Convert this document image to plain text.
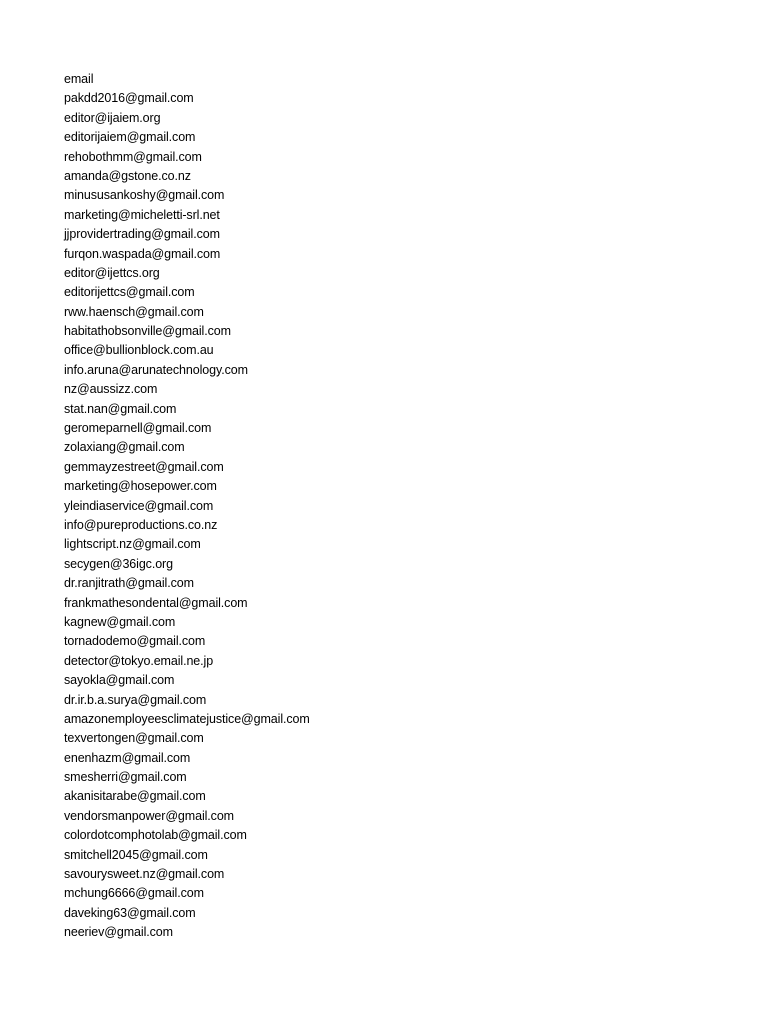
email
pakdd2016@gmail.com
editor@ijaiem.org
editorijaiem@gmail.com
rehobothmm@gmail.com
amanda@gstone.co.nz
minususankoshy@gmail.com
marketing@micheletti-srl.net
jjprovidertrading@gmail.com
furqon.waspada@gmail.com
editor@ijettcs.org
editorijettcs@gmail.com
rww.haensch@gmail.com
habitathobsonville@gmail.com
office@bullionblock.com.au
info.aruna@arunatechnology.com
nz@aussizz.com
stat.nan@gmail.com
geromeparnell@gmail.com
zolaxiang@gmail.com
gemmayzestreet@gmail.com
marketing@hosepower.com
yleindiaservice@gmail.com
info@pureproductions.co.nz
lightscript.nz@gmail.com
secygen@36igc.org
dr.ranjitrath@gmail.com
frankmathesondental@gmail.com
kagnew@gmail.com
tornadodemo@gmail.com
detector@tokyo.email.ne.jp
sayokla@gmail.com
dr.ir.b.a.surya@gmail.com
amazonemployeesclimatejustice@gmail.com
texvertongen@gmail.com
enenhazm@gmail.com
smesherri@gmail.com
akanisitarabe@gmail.com
vendorsmanpower@gmail.com
colordotcomphotolab@gmail.com
smitchell2045@gmail.com
savourysweet.nz@gmail.com
mchung6666@gmail.com
daveking63@gmail.com
neeriev@gmail.com
